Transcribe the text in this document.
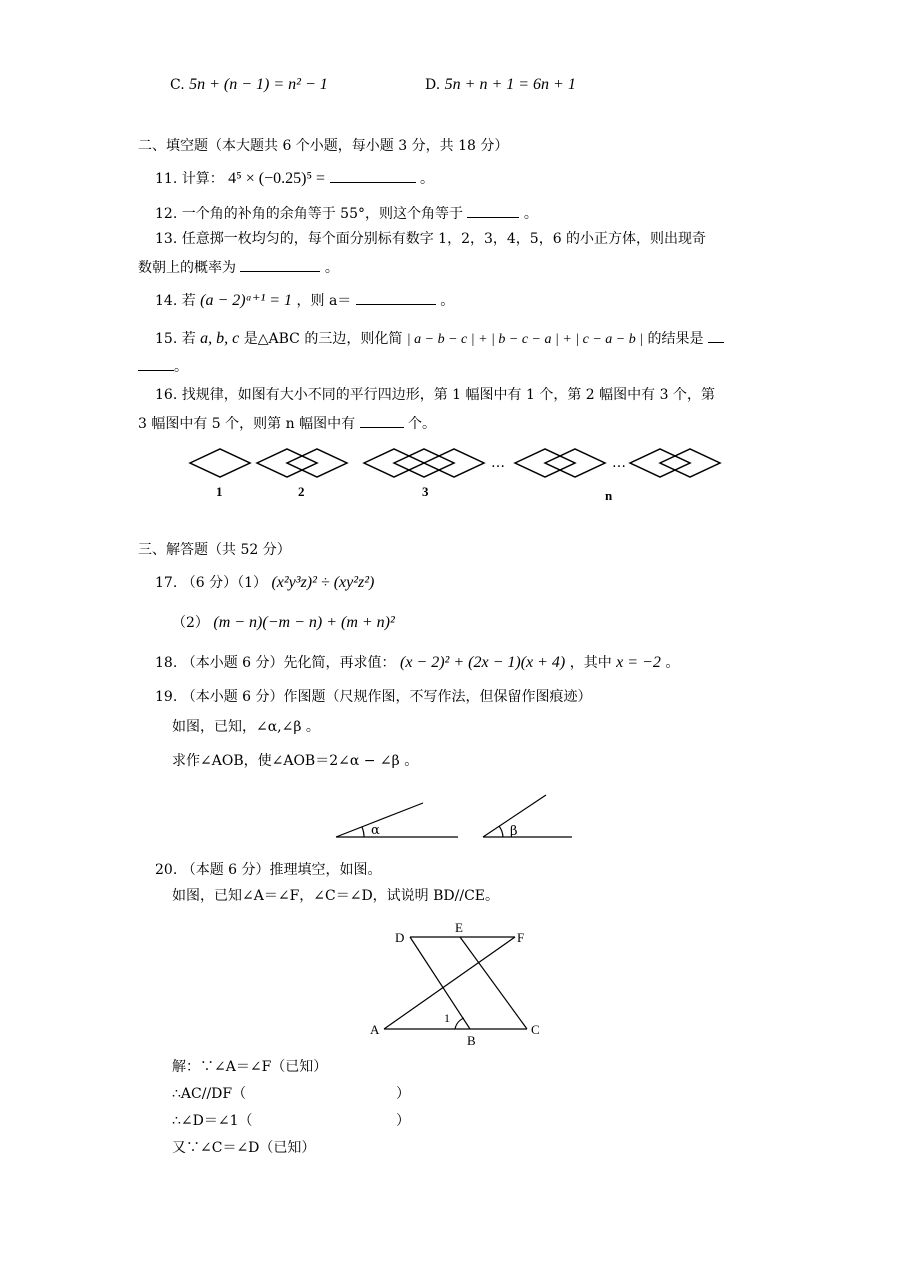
C. 5n + (n − 1) = n² − 1	D. 5n + n + 1 = 6n + 1
二、填空题（本大题共 6 个小题，每小题 3 分，共 18 分）
11. 计算： 4⁵ × (−0.25)⁵ =	。
12. 一个角的补角的余角等于 55°，则这个角等于	。
13. 任意掷一枚均匀的，每个面分别标有数字 1，2，3，4，5，6 的小正方体，则出现奇
数朝上的概率为	。
14. 若 (a − 2)ᵃ⁺¹ = 1 ，则 a＝	。
15. 若 a, b, c 是△ABC 的三边，则化简 | a − b − c | + | b − c − a | + | c − a − b | 的结果是
。
16. 找规律，如图有大小不同的平行四边形，第 1 幅图中有 1 个，第 2 幅图中有 3 个，第
3 幅图中有 5 个，则第 n 幅图中有	个。
…	…
1	2	3	n
三、解答题（共 52 分）
17. （6 分）（1） (x²y³z)² ÷ (xy²z²)
（2） (m − n)(−m − n) + (m + n)²
18. （本小题 6 分）先化简，再求值： (x − 2)² + (2x − 1)(x + 4) ，其中 x = −2 。
19. （本小题 6 分）作图题（尺规作图，不写作法，但保留作图痕迹）
如图，已知，∠α,∠β 。
求作∠AOB，使∠AOB＝2∠α − ∠β 。
α	β
20. （本题 6 分）推理填空，如图。
如图，已知∠A＝∠F，∠C＝∠D，试说明 BD//CE。
D
E
F
A
B
C
1
解：∵∠A＝∠F（已知）
∴AC//DF（	）
∴∠D＝∠1（	）
又∵∠C＝∠D（已知）
